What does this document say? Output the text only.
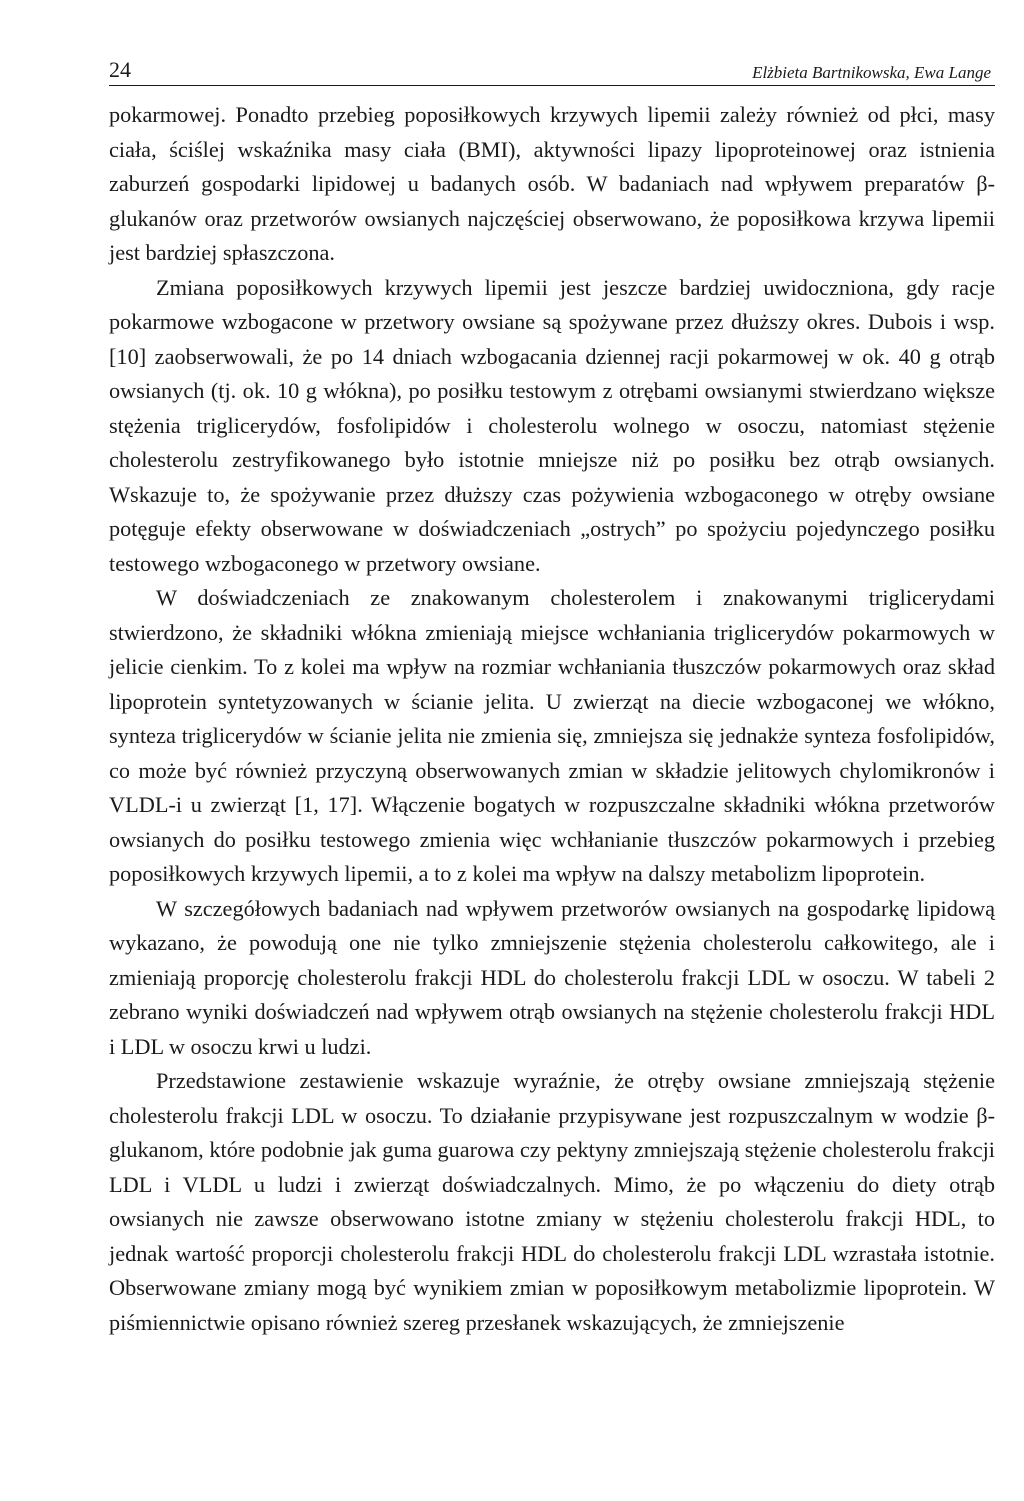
24	Elżbieta Bartnikowska, Ewa Lange

pokarmowej. Ponadto przebieg poposiłkowych krzywych lipemii zależy również od płci, masy ciała, ściślej wskaźnika masy ciała (BMI), aktywności lipazy lipoproteinowej oraz istnienia zaburzeń gospodarki lipidowej u badanych osób. W badaniach nad wpływem preparatów β-glukanów oraz przetworów owsianych najczęściej obserwowano, że poposiłkowa krzywa lipemii jest bardziej spłaszczona.

Zmiana poposiłkowych krzywych lipemii jest jeszcze bardziej uwidoczniona, gdy racje pokarmowe wzbogacone w przetwory owsiane są spożywane przez dłuższy okres. Dubois i wsp. [10] zaobserwowali, że po 14 dniach wzbogacania dziennej racji pokarmowej w ok. 40 g otrąb owsianych (tj. ok. 10 g włókna), po posiłku testowym z otrębami owsianymi stwierdzano większe stężenia triglicerydów, fosfolipidów i cholesterolu wolnego w osoczu, natomiast stężenie cholesterolu zestryfikowanego było istotnie mniejsze niż po posiłku bez otrąb owsianych. Wskazuje to, że spożywanie przez dłuższy czas pożywienia wzbogaconego w otręby owsiane potęguje efekty obserwowane w doświadczeniach „ostrych” po spożyciu pojedynczego posiłku testowego wzbogaconego w przetwory owsiane.

W doświadczeniach ze znakowanym cholesterolem i znakowanymi triglicerydami stwierdzono, że składniki włókna zmieniają miejsce wchłaniania triglicerydów pokarmowych w jelicie cienkim. To z kolei ma wpływ na rozmiar wchłaniania tłuszczów pokarmowych oraz skład lipoprotein syntetyzowanych w ścianie jelita. U zwierząt na diecie wzbogaconej we włókno, synteza triglicerydów w ścianie jelita nie zmienia się, zmniejsza się jednakże synteza fosfolipidów, co może być również przyczyną obserwowanych zmian w składzie jelitowych chylomikronów i VLDL-i u zwierząt [1, 17]. Włączenie bogatych w rozpuszczalne składniki włókna przetworów owsianych do posiłku testowego zmienia więc wchłanianie tłuszczów pokarmowych i przebieg poposiłkowych krzywych lipemii, a to z kolei ma wpływ na dalszy metabolizm lipoprotein.

W szczegółowych badaniach nad wpływem przetworów owsianych na gospodarkę lipidową wykazano, że powodują one nie tylko zmniejszenie stężenia cholesterolu całkowitego, ale i zmieniają proporcję cholesterolu frakcji HDL do cholesterolu frakcji LDL w osoczu. W tabeli 2 zebrano wyniki doświadczeń nad wpływem otrąb owsianych na stężenie cholesterolu frakcji HDL i LDL w osoczu krwi u ludzi.

Przedstawione zestawienie wskazuje wyraźnie, że otręby owsiane zmniejszają stężenie cholesterolu frakcji LDL w osoczu. To działanie przypisywane jest rozpuszczalnym w wodzie β-glukanom, które podobnie jak guma guarowa czy pektyny zmniejszają stężenie cholesterolu frakcji LDL i VLDL u ludzi i zwierząt doświadczalnych. Mimo, że po włączeniu do diety otrąb owsianych nie zawsze obserwowano istotne zmiany w stężeniu cholesterolu frakcji HDL, to jednak wartość proporcji cholesterolu frakcji HDL do cholesterolu frakcji LDL wzrastała istotnie. Obserwowane zmiany mogą być wynikiem zmian w poposiłkowym metabolizmie lipoprotein. W piśmiennictwie opisano również szereg przesłanek wskazujących, że zmniejszenie
